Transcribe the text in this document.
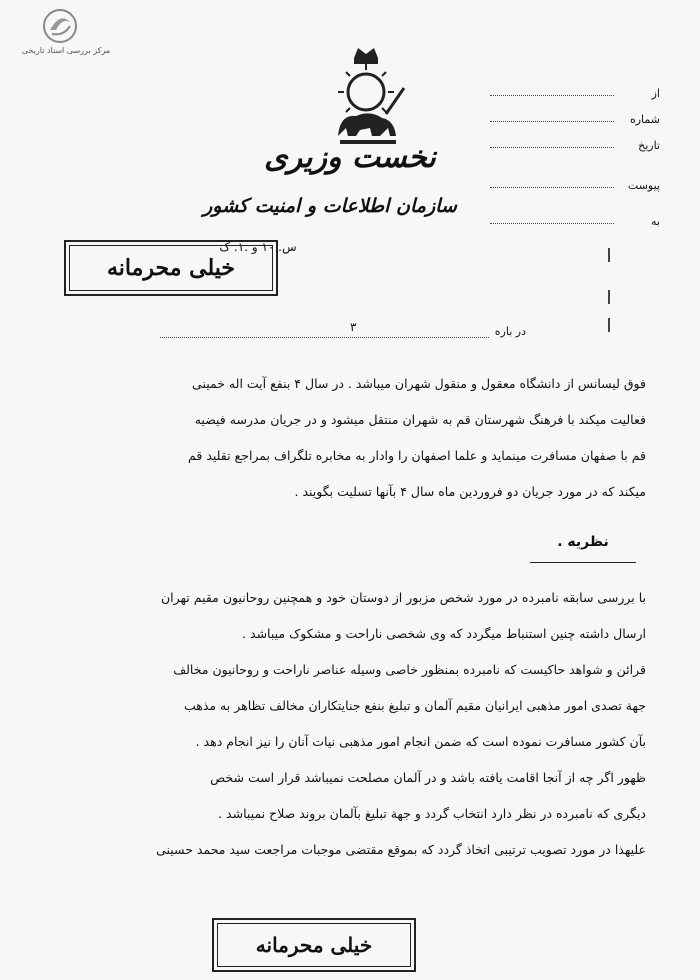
مرکز بررسی اسناد تاریخی
نخست وزیری
سازمان اطلاعات و امنیت کشور
س. ۱۰ و .۱. ک
خیلی محرمانه
از
شماره
تاریخ
پیوست
به
در باره
۳
فوق لیسانس از دانشگاه معقول و منقول شهران میباشد . در سال ۴ بنفع آیت اله خمینی
فعالیت میکند با فرهنگ شهرستان قم به شهران منتقل میشود و در جریان مدرسه فیضیه
قم با صفهان مسافرت مینماید و علما اصفهان را وادار به مخابره تلگراف بمراجع تقلید قم
میکند که در مورد جریان دو فروردین ماه سال ۴ بآنها تسلیت بگویند .
نظریه .
با بررسی سابقه نامبرده در مورد شخص مزبور از دوستان خود و همچنین روحانیون مقیم تهران
ارسال داشته چنین استنباط میگردد که وی شخصی ناراحت و مشکوک میباشد .
قرائن و شواهد حاکیست که نامبرده بمنظور خاصی وسیله عناصر ناراحت و روحانیون مخالف
جهة تصدی امور مذهبی ایرانیان مقیم آلمان و تبلیغ بنفع جنایتکاران مخالف تظاهر به مذهب
بآن کشور مسافرت نموده است که ضمن انجام امور مذهبی نیات آنان را نیز انجام دهد .
ظهور اگر چه از آنجا اقامت یافته باشد و در آلمان مصلحت نمیباشد قرار است شخص
دیگری که نامبرده در نظر دارد انتخاب گردد و جهة تبلیغ بآلمان بروند صلاح نمیباشد .
علیهذا در مورد تصویب ترتیبی اتخاذ گردد که بموقع مقتضی موجبات مراجعت سید محمد حسینی
خیلی محرمانه
